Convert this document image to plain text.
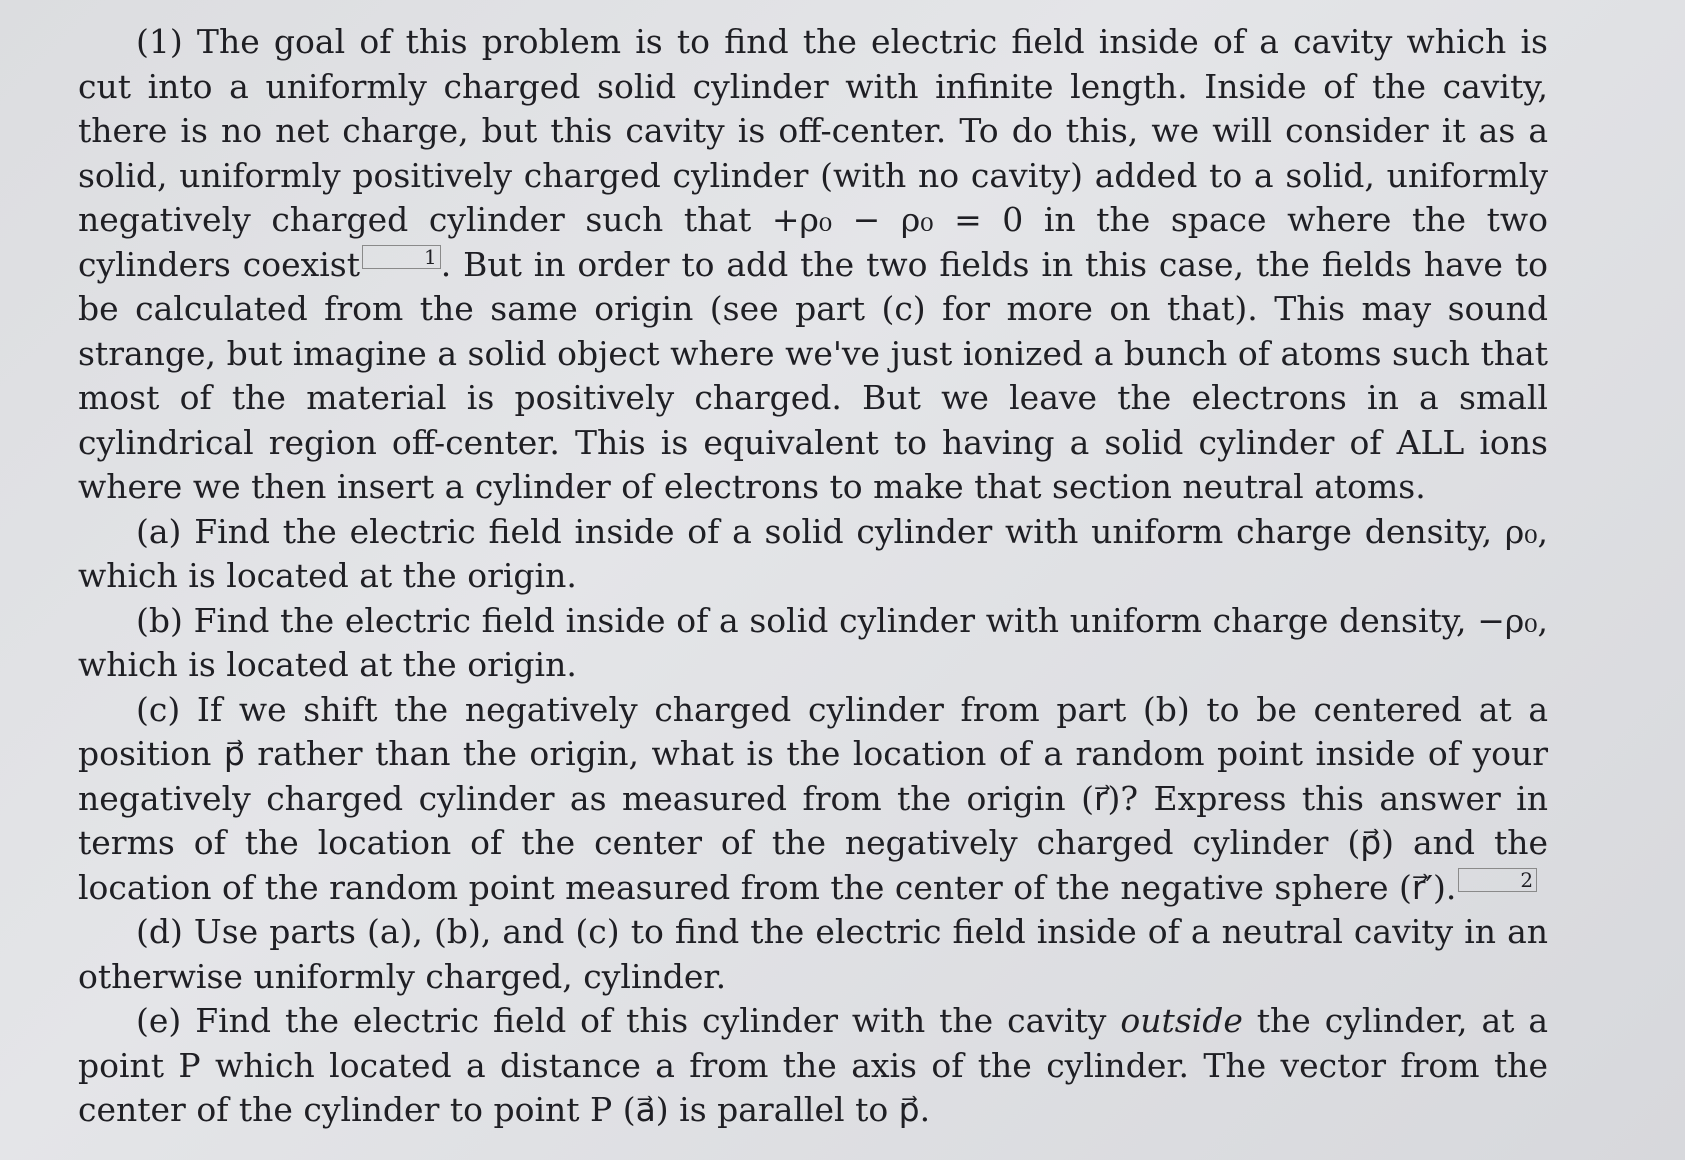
(1) The goal of this problem is to find the electric field inside of a cavity which is cut into a uniformly charged solid cylinder with infinite length. Inside of the cavity, there is no net charge, but this cavity is off-center. To do this, we will consider it as a solid, uniformly positively charged cylinder (with no cavity) added to a solid, uniformly negatively charged cylinder such that +ρ₀ − ρ₀ = 0 in the space where the two cylinders coexist	1 . But in order to add the two fields in this case, the fields have to be calculated from the same origin (see part (c) for more on that). This may sound strange, but imagine a solid object where we've just ionized a bunch of atoms such that most of the material is positively charged. But we leave the electrons in a small cylindrical region off-center. This is equivalent to having a solid cylinder of ALL ions where we then insert a cylinder of electrons to make that section neutral atoms.

(a) Find the electric field inside of a solid cylinder with uniform charge density, ρ₀, which is located at the origin.

(b) Find the electric field inside of a solid cylinder with uniform charge density, −ρ₀, which is located at the origin.

(c) If we shift the negatively charged cylinder from part (b) to be centered at a position p⃗ rather than the origin, what is the location of a random point inside of your negatively charged cylinder as measured from the origin (r⃗)? Express this answer in terms of the location of the center of the negatively charged cylinder (p⃗) and the location of the random point measured from the center of the negative sphere (r⃗′).	2

(d) Use parts (a), (b), and (c) to find the electric field inside of a neutral cavity in an otherwise uniformly charged, cylinder.

(e) Find the electric field of this cylinder with the cavity outside the cylinder, at a point P which located a distance a from the axis of the cylinder. The vector from the center of the cylinder to point P (a⃗) is parallel to p⃗.
